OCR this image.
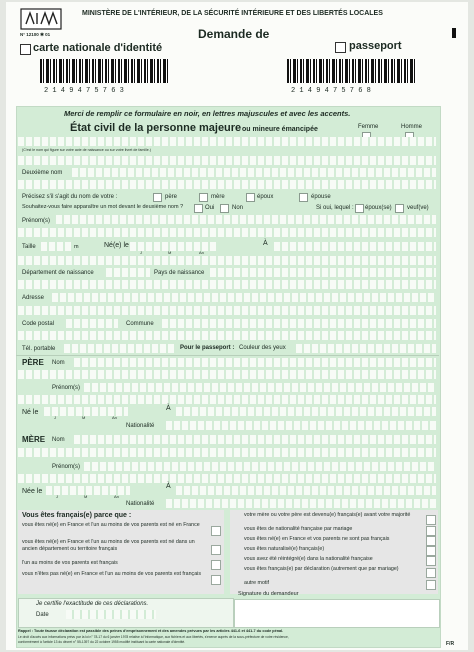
MINISTÈRE DE L'INTÉRIEUR, DE LA SÉCURITÉ INTÉRIEURE ET DES LIBERTÉS LOCALES
N° 12100 ✱ 01	Demande de
carte nationale d'identité	passeport
2 1 4 9 4 7 5 7 6 3	2 1 4 9 4 7 5 7 6 8
Merci de remplir ce formulaire en noir, en lettres majuscules et avec les accents.
État civil de la personne majeure ou mineure émancipée	Femme	Homme
(C'est le nom qui figure sur votre acte de naissance ou sur votre livret de famille.)
Deuxième nom
Précisez s'il s'agit du nom de votre :	père	mère	époux	épouse
Souhaitez-vous faire apparaître un mot devant le deuxième nom ?	Oui	Non	Si oui, lequel : époux(se)	veuf(ve)
Prénom(s)
Taille	m	Né(e) le
J	M	An
À
Département de naissance	Pays de naissance
Adresse
Code postal	Commune
Tél. portable	Pour le passeport : Couleur des yeux
PÈRE Nom
Prénom(s)
Né le
J	M	An
À
Nationalité
MÈRE Nom
Prénom(s)
Née le
J	M	An
À
Nationalité
Vous êtes français(e) parce que :
vous êtes né(e) en France et l'un au moins de vos parents est né en France
vous êtes né(e) en France et l'un au moins de vos parents est né dans un ancien département ou territoire français
l'un au moins de vos parents est français
vous n'êtes pas né(e) en France et l'un au moins de vos parents est français
votre mère ou votre père est devenu(e) français(e) avant votre majorité
vous êtes de nationalité française par mariage
vous êtes né(e) en France et vos parents ne sont pas français
vous êtes naturalisé(e) français(e)
vous avez été réintégré(e) dans la nationalité française
vous êtes français(e) par déclaration (autrement que par mariage)
autre motif
Je certifie l'exactitude de ces déclarations.
Date
Signature du demandeur
Rappel : Toute fausse déclaration est passible des peines d'emprisonnement et des amendes prévues par les articles 441-6 et 441-7 du code pénal.
Le droit d'accès aux informations prévu par la loi n° 78-17 du 6 janvier 1978 relative à l'informatique, aux fichiers et aux libertés, s'exerce auprès de la sous-préfecture de votre résidence,
conformément à l'article 13 du décret n° 55-1397 du 22 octobre 1955 modifié instituant la carte nationale d'identité.	F/R
